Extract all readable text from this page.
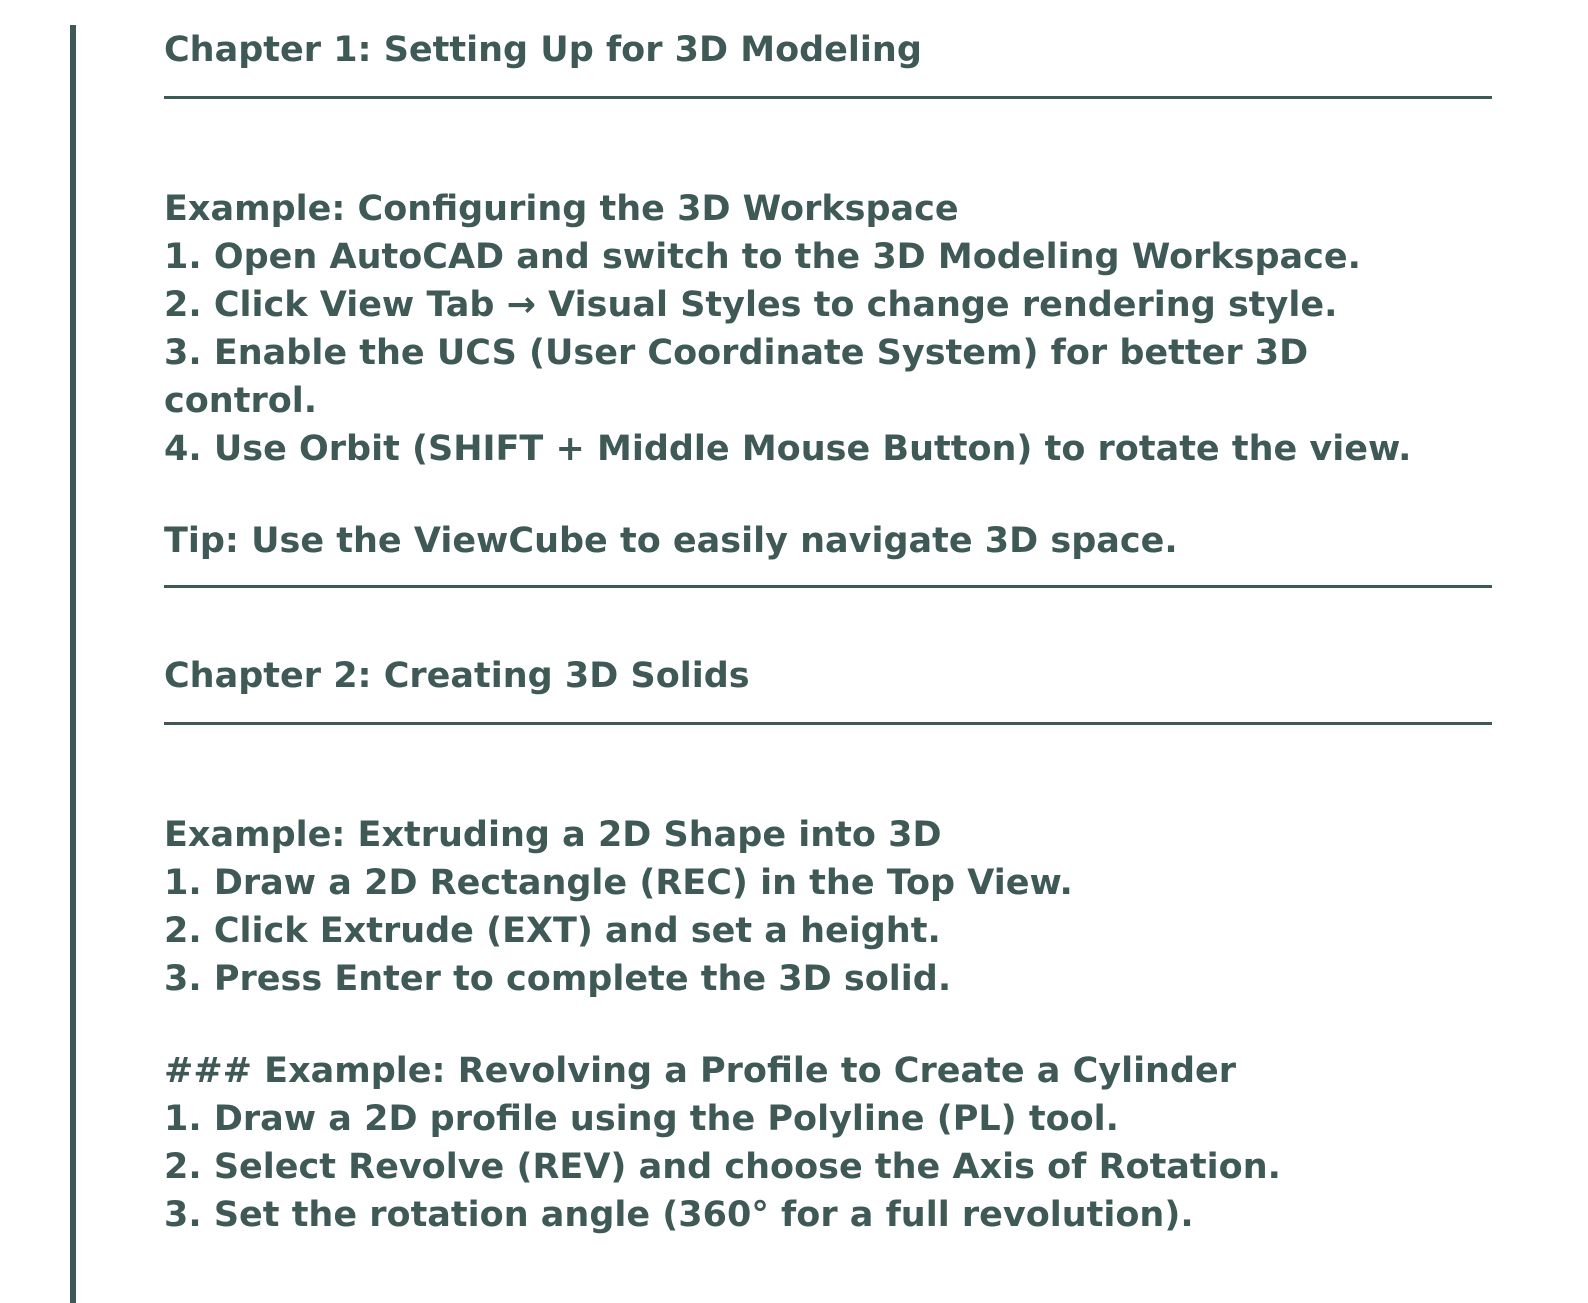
Chapter 1: Setting Up for 3D Modeling
Example: Configuring the 3D Workspace
1. Open AutoCAD and switch to the 3D Modeling Workspace.
2. Click View Tab → Visual Styles to change rendering style.
3. Enable the UCS (User Coordinate System) for better 3D control.
4. Use Orbit (SHIFT + Middle Mouse Button) to rotate the view.
Tip: Use the ViewCube to easily navigate 3D space.
Chapter 2: Creating 3D Solids
Example: Extruding a 2D Shape into 3D
1. Draw a 2D Rectangle (REC) in the Top View.
2. Click Extrude (EXT) and set a height.
3. Press Enter to complete the 3D solid.
### Example: Revolving a Profile to Create a Cylinder
1. Draw a 2D profile using the Polyline (PL) tool.
2. Select Revolve (REV) and choose the Axis of Rotation.
3. Set the rotation angle (360° for a full revolution).
